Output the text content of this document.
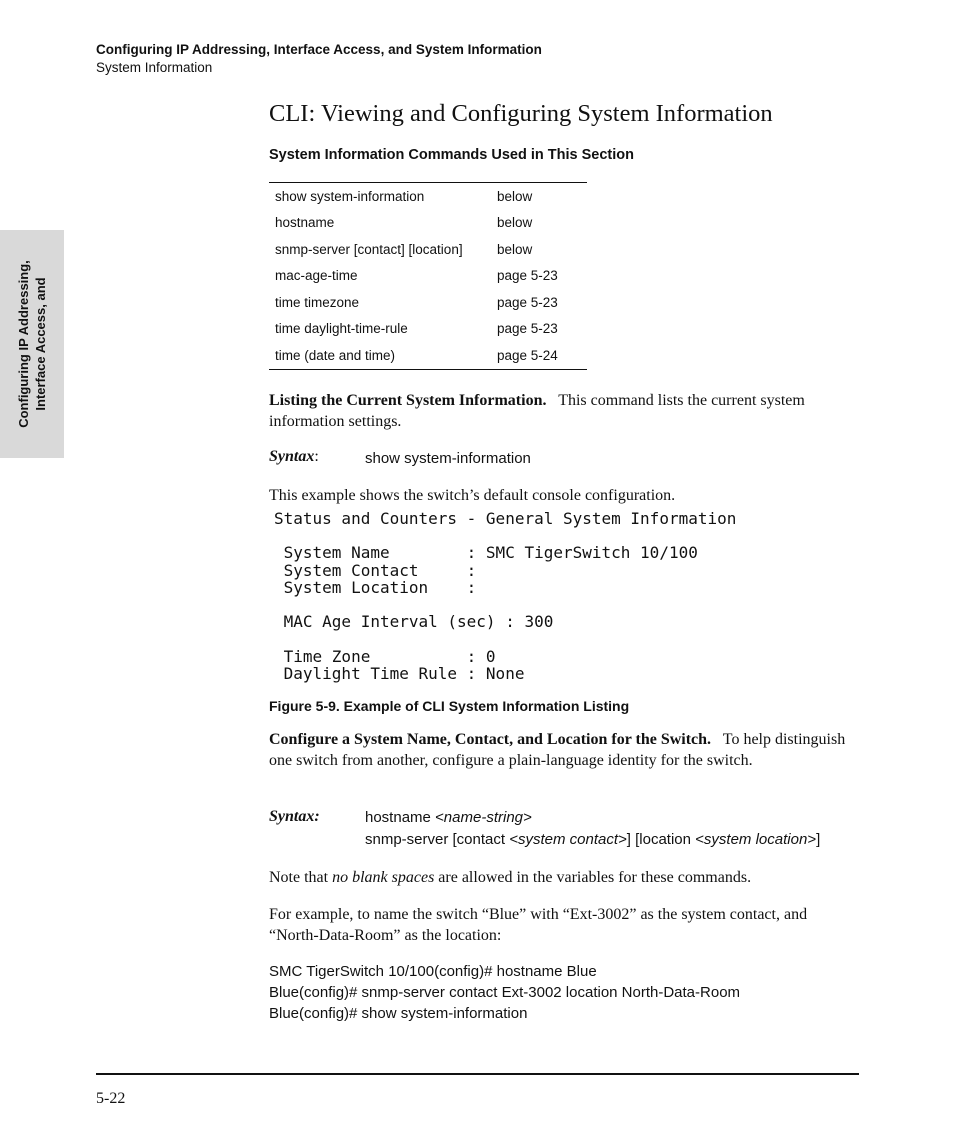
Configuring IP Addressing, Interface Access, and System Information
System Information
Configuring IP Addressing, Interface Access, and
CLI: Viewing and Configuring System Information
System Information Commands Used in This Section
show system-information	below
hostname	below
snmp-server [contact] [location]	below
mac-age-time	page 5-23
time timezone	page 5-23
time daylight-time-rule	page 5-23
time (date and time)	page 5-24
Listing the Current System Information. This command lists the current system information settings.
Syntax:	show system-information
This example shows the switch’s default console configuration.
Status and Counters - General System Information

System Name        : SMC TigerSwitch 10/100
System Contact     :
System Location    :

MAC Age Interval (sec) : 300

Time Zone          : 0
Daylight Time Rule : None
Figure 5-9. Example of CLI System Information Listing
Configure a System Name, Contact, and Location for the Switch. To help distinguish one switch from another, configure a plain-language identity for the switch.
Syntax:	hostname <name-string>
snmp-server [contact <system contact>] [location <system location>]
Note that no blank spaces are allowed in the variables for these commands.
For example, to name the switch “Blue” with “Ext-3002” as the system contact, and “North-Data-Room” as the location:
SMC TigerSwitch 10/100(config)# hostname Blue
Blue(config)# snmp-server contact Ext-3002 location North-Data-Room
Blue(config)# show system-information
5-22
